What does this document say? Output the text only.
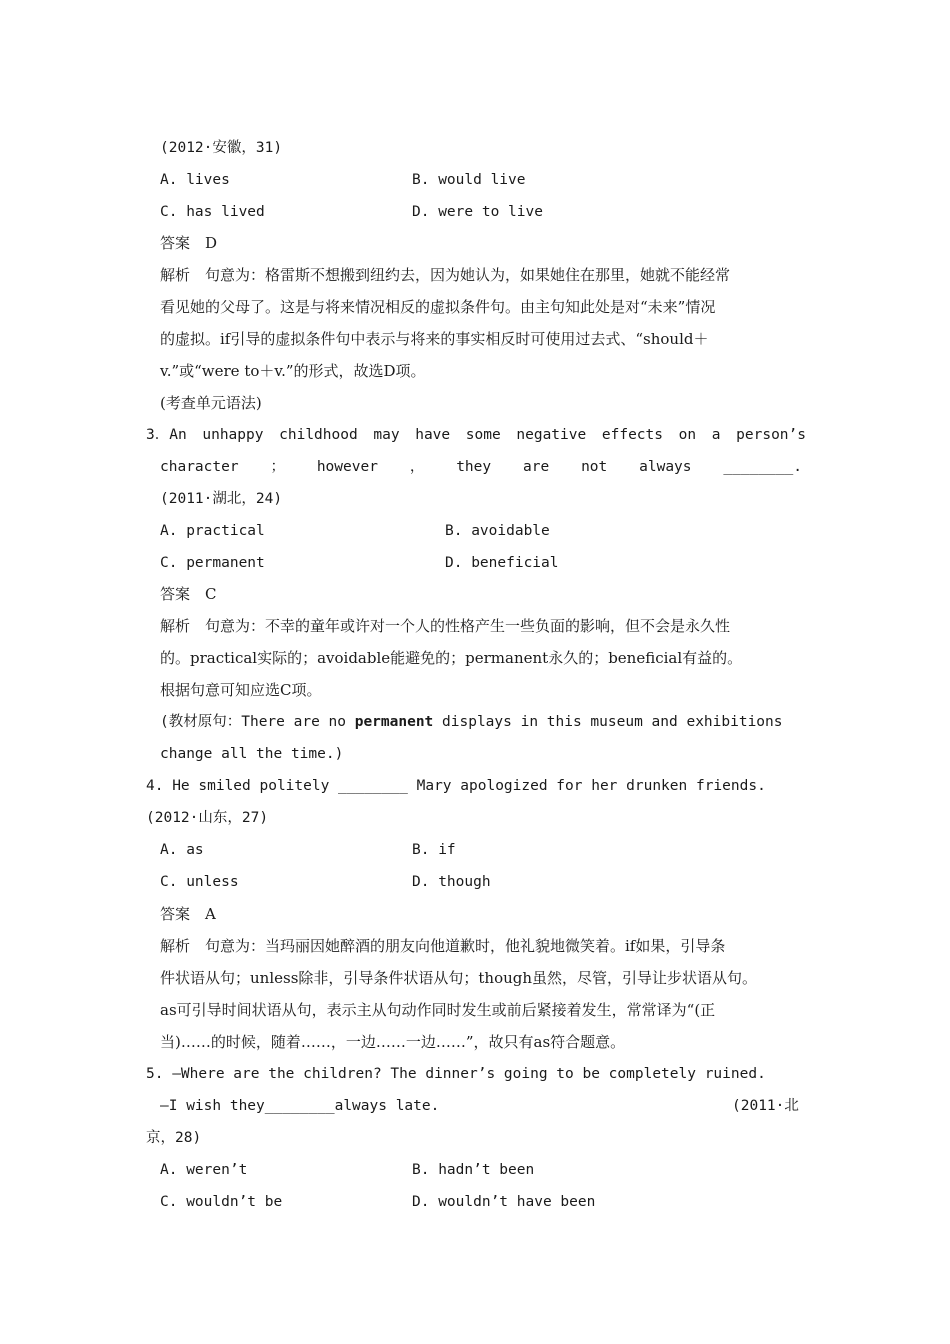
(2012·安徽，31)
A. lives	B. would live
C. has lived	D. were to live
答案　D
解析　句意为：格雷斯不想搬到纽约去，因为她认为，如果她住在那里，她就不能经常
看见她的父母了。这是与将来情况相反的虚拟条件句。由主句知此处是对“未来”情况
的虚拟。if引导的虚拟条件句中表示与将来的事实相反时可使用过去式、“should＋
v.”或“were to＋v.”的形式，故选D项。
(考查单元语法)
3．An unhappy childhood may have some negative effects on a person’s
character ； however ， they are not always ________.
(2011·湖北，24)
A. practical	B. avoidable
C. permanent	D. beneficial
答案　C
解析　句意为：不幸的童年或许对一个人的性格产生一些负面的影响，但不会是永久性
的。practical实际的；avoidable能避免的；permanent永久的；beneficial有益的。
根据句意可知应选C项。
(教材原句：There are no permanent displays in this museum and exhibitions
change all the time.)
4. He smiled politely ________ Mary apologized for her drunken friends.
(2012·山东，27)
A. as	B. if
C. unless	D. though
答案　A
解析　句意为：当玛丽因她醉酒的朋友向他道歉时，他礼貌地微笑着。if如果，引导条
件状语从句；unless除非，引导条件状语从句；though虽然，尽管，引导让步状语从句。
as可引导时间状语从句，表示主从句动作同时发生或前后紧接着发生，常常译为“(正
当)……的时候，随着……，一边……一边……”，故只有as符合题意。
5. —Where are the children? The dinner’s going to be completely ruined.
—I wish they________always late.	(2011·北
京，28)
A. weren’t	B. hadn’t been
C. wouldn’t be	D. wouldn’t have been
